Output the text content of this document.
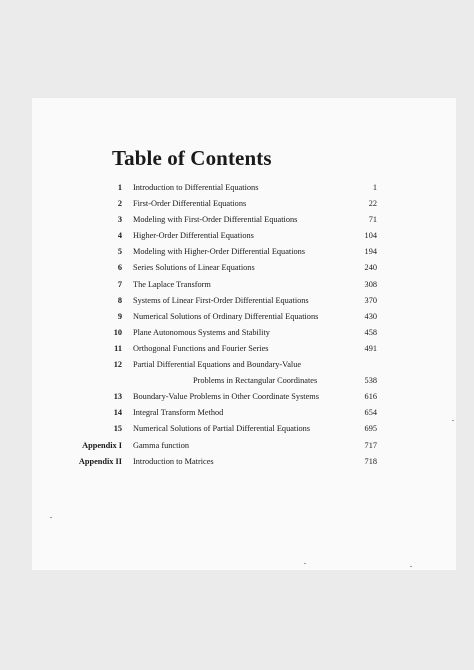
Table of Contents
1 Introduction to Differential Equations	1
2 First-Order Differential Equations	22
3 Modeling with First-Order Differential Equations	71
4 Higher-Order Differential Equations	104
5 Modeling with Higher-Order Differential Equations	194
6 Series Solutions of Linear Equations	240
7 The Laplace Transform	308
8 Systems of Linear First-Order Differential Equations	370
9 Numerical Solutions of Ordinary Differential Equations	430
10 Plane Autonomous Systems and Stability	458
11 Orthogonal Functions and Fourier Series	491
12 Partial Differential Equations and Boundary-Value
Problems in Rectangular Coordinates	538
13 Boundary-Value Problems in Other Coordinate Systems	616
14 Integral Transform Method	654
15 Numerical Solutions of Partial Differential Equations	695
Appendix I Gamma function	717
Appendix II Introduction to Matrices	718
